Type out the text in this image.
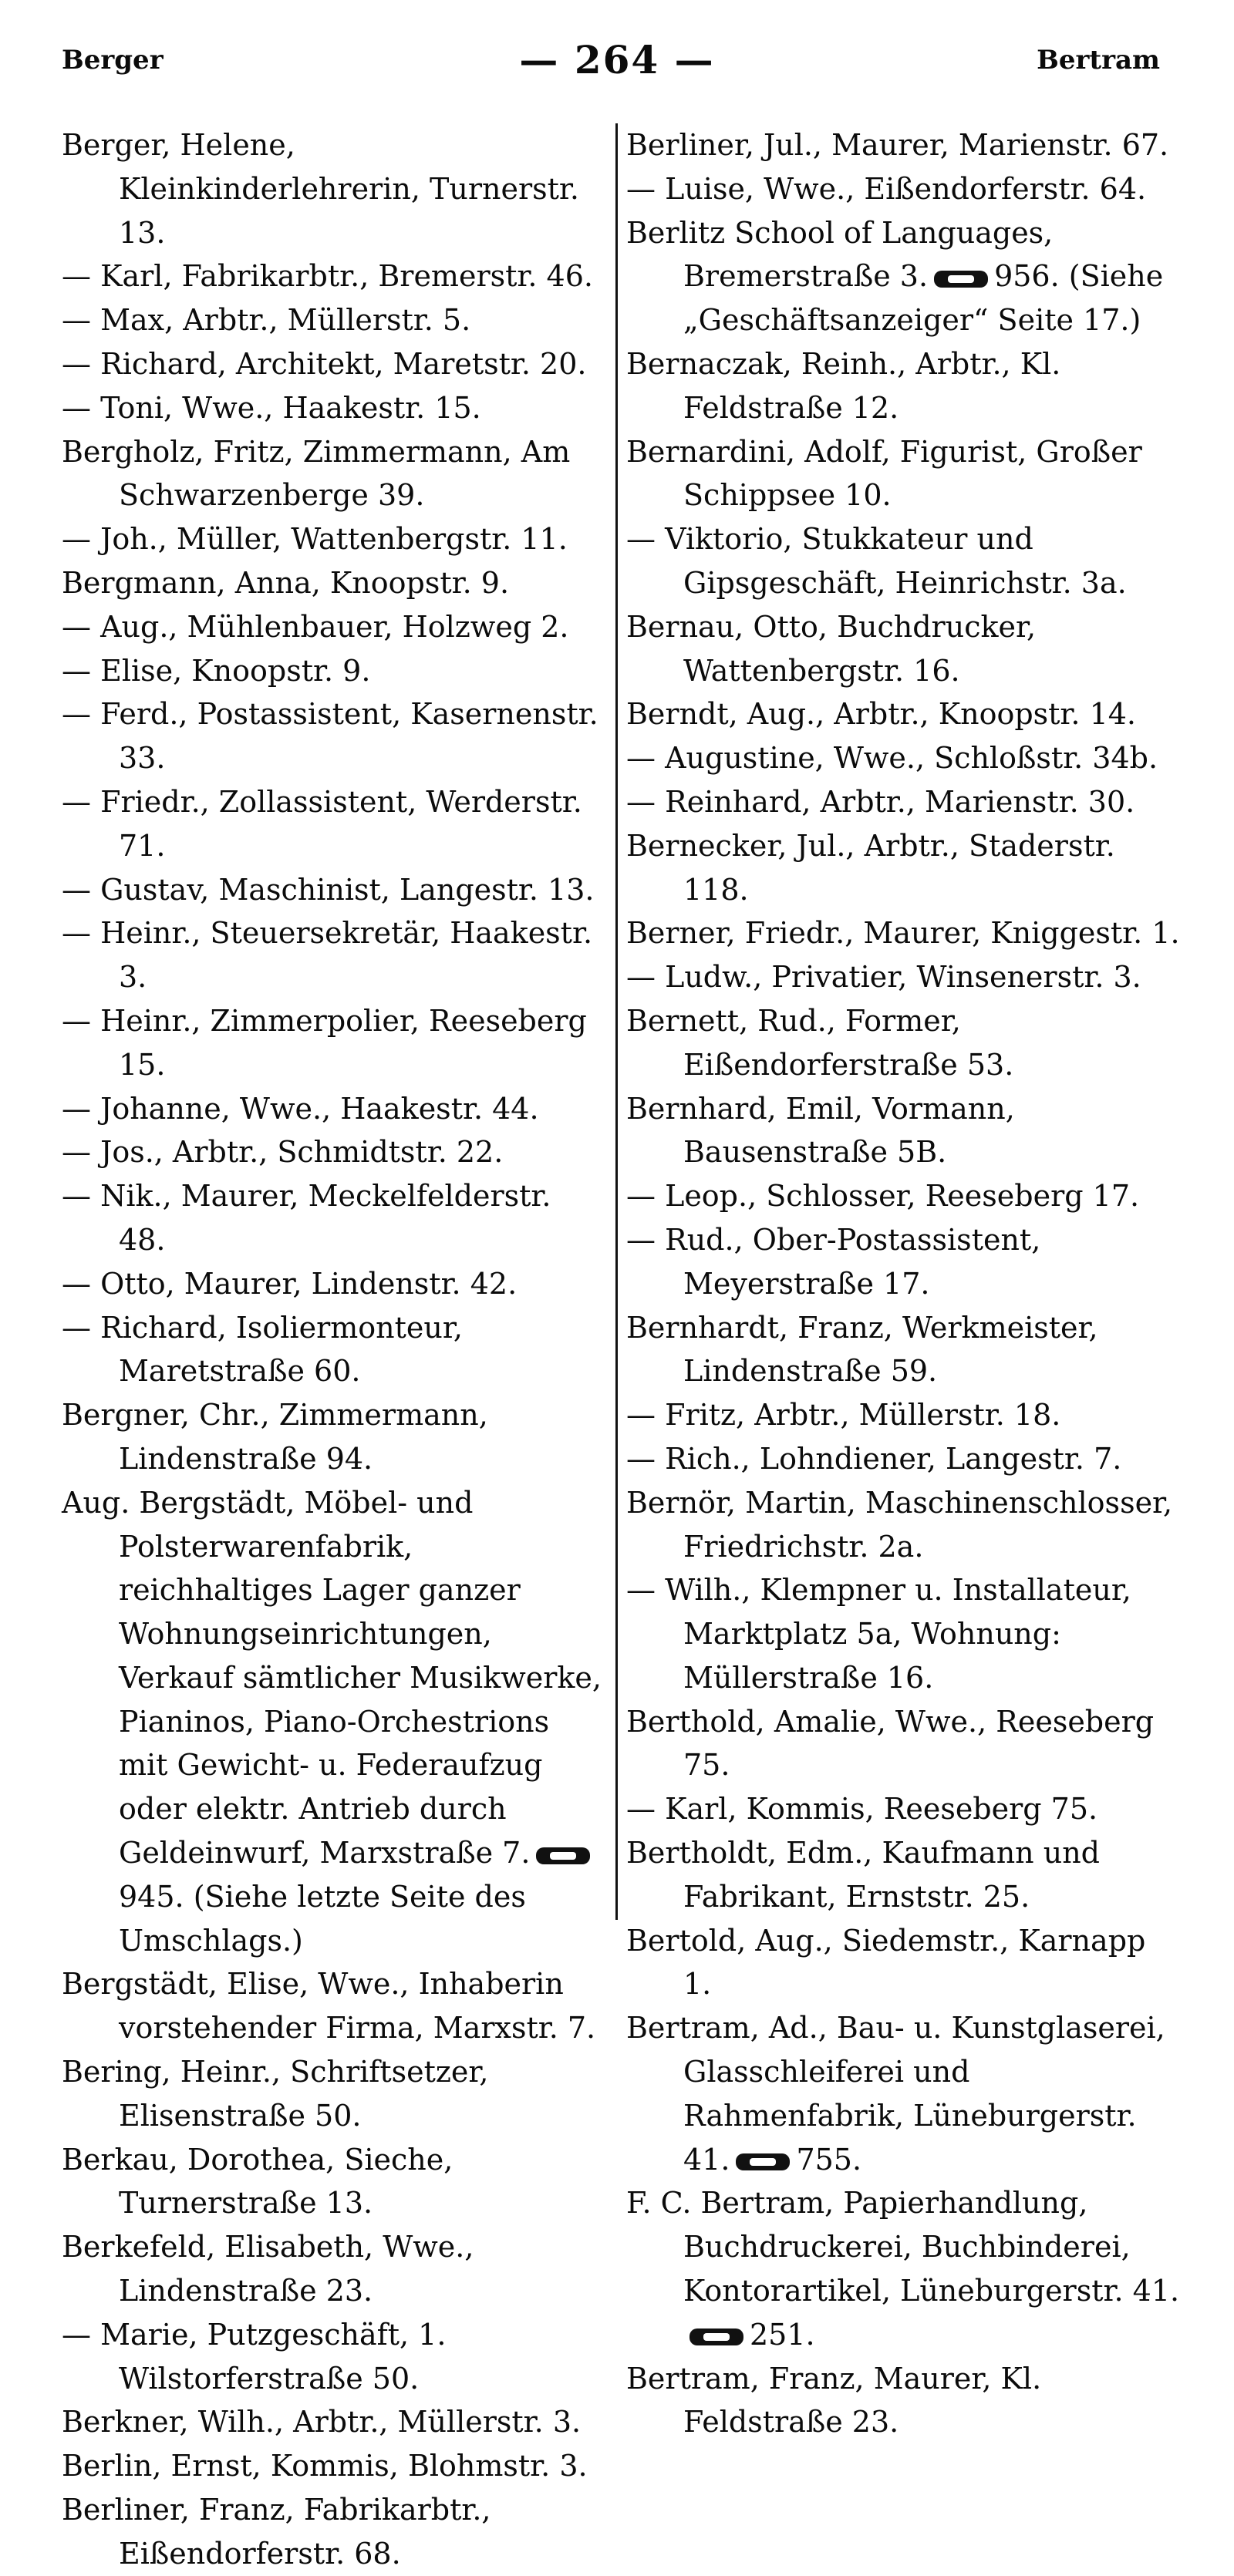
Berger	— 264 —	Bertram

Berger, Helene, Kleinkinderlehrerin, Turnerstr. 13.

— Karl, Fabrikarbtr., Bremerstr. 46.

— Max, Arbtr., Müllerstr. 5.

— Richard, Architekt, Maretstr. 20.

— Toni, Wwe., Haakestr. 15.

Bergholz, Fritz, Zimmermann, Am Schwarzenberge 39.

— Joh., Müller, Wattenbergstr. 11.

Bergmann, Anna, Knoopstr. 9.

— Aug., Mühlenbauer, Holzweg 2.

— Elise, Knoopstr. 9.

— Ferd., Postassistent, Kasernenstr. 33.

— Friedr., Zollassistent, Werderstr. 71.

— Gustav, Maschinist, Langestr. 13.

— Heinr., Steuersekretär, Haakestr. 3.

— Heinr., Zimmerpolier, Reeseberg 15.

— Johanne, Wwe., Haakestr. 44.

— Jos., Arbtr., Schmidtstr. 22.

— Nik., Maurer, Meckelfelderstr. 48.

— Otto, Maurer, Lindenstr. 42.

— Richard, Isoliermonteur, Maretstraße 60.

Bergner, Chr., Zimmermann, Lindenstraße 94.

Aug. Bergstädt, Möbel- und Polsterwarenfabrik, reichhaltiges Lager ganzer Wohnungseinrichtungen, Verkauf sämtlicher Musikwerke, Pianinos, Piano-Orchestrions mit Gewicht- u. Federaufzug oder elektr. Antrieb durch Geldeinwurf, Marxstraße 7.945. (Siehe letzte Seite des Umschlags.)

Bergstädt, Elise, Wwe., Inhaberin vorstehender Firma, Marxstr. 7.

Bering, Heinr., Schriftsetzer, Elisenstraße 50.

Berkau, Dorothea, Sieche, Turnerstraße 13.

Berkefeld, Elisabeth, Wwe., Lindenstraße 23.

— Marie, Putzgeschäft, 1. Wilstorferstraße 50.

Berkner, Wilh., Arbtr., Müllerstr. 3.

Berlin, Ernst, Kommis, Blohmstr. 3.

Berliner, Franz, Fabrikarbtr., Eißendorferstr. 68.

Berliner, Jul., Maurer, Marienstr. 67.

— Luise, Wwe., Eißendorferstr. 64.

Berlitz School of Languages, Bremerstraße 3. 956. (Siehe „Geschäftsanzeiger“ Seite 17.)

Bernaczak, Reinh., Arbtr., Kl. Feldstraße 12.

Bernardini, Adolf, Figurist, Großer Schippsee 10.

— Viktorio, Stukkateur und Gipsgeschäft, Heinrichstr. 3a.

Bernau, Otto, Buchdrucker, Wattenbergstr. 16.

Berndt, Aug., Arbtr., Knoopstr. 14.

— Augustine, Wwe., Schloßstr. 34b.

— Reinhard, Arbtr., Marienstr. 30.

Bernecker, Jul., Arbtr., Staderstr. 118.

Berner, Friedr., Maurer, Kniggestr. 1.

— Ludw., Privatier, Winsenerstr. 3.

Bernett, Rud., Former, Eißendorferstraße 53.

Bernhard, Emil, Vormann, Bausenstraße 5B.

— Leop., Schlosser, Reeseberg 17.

— Rud., Ober-Postassistent, Meyerstraße 17.

Bernhardt, Franz, Werkmeister, Lindenstraße 59.

— Fritz, Arbtr., Müllerstr. 18.

— Rich., Lohndiener, Langestr. 7.

Bernör, Martin, Maschinenschlosser, Friedrichstr. 2a.

— Wilh., Klempner u. Installateur, Marktplatz 5a, Wohnung: Müllerstraße 16.

Berthold, Amalie, Wwe., Reeseberg 75.

— Karl, Kommis, Reeseberg 75.

Bertholdt, Edm., Kaufmann und Fabrikant, Ernststr. 25.

Bertold, Aug., Siedemstr., Karnapp 1.

Bertram, Ad., Bau- u. Kunstglaserei, Glasschleiferei und Rahmenfabrik, Lüneburgerstr. 41. 755.

F. C. Bertram, Papierhandlung, Buchdruckerei, Buchbinderei, Kontorartikel, Lüneburgerstr. 41.251.

Bertram, Franz, Maurer, Kl. Feldstraße 23.
